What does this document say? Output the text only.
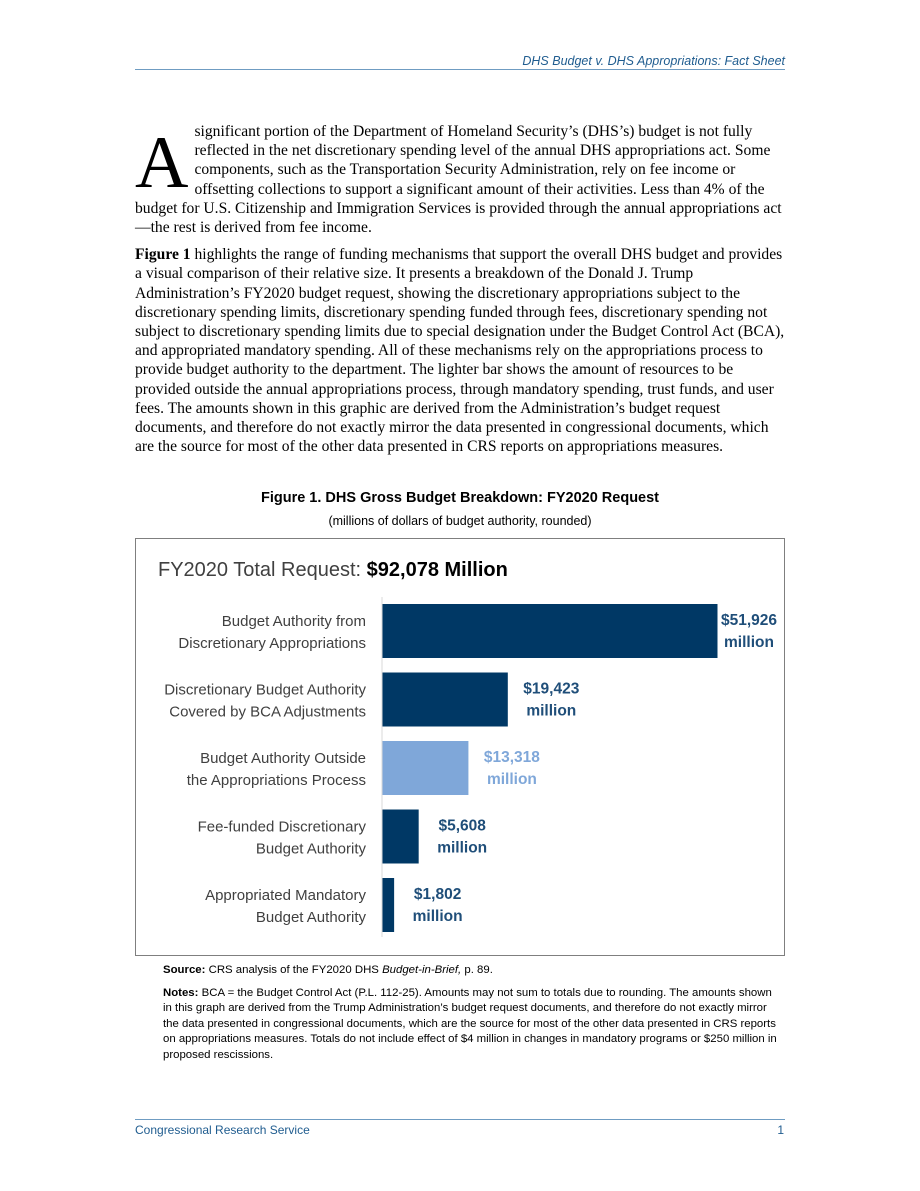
DHS Budget v. DHS Appropriations: Fact Sheet

Asignificant portion of the Department of Homeland Security’s (DHS’s) budget is not fully reflected in the net discretionary spending level of the annual DHS appropriations act. Some components, such as the Transportation Security Administration, rely on fee income or offsetting collections to support a significant amount of their activities. Less than 4% of the budget for U.S. Citizenship and Immigration Services is provided through the annual appropriations act—the rest is derived from fee income.

Figure 1 highlights the range of funding mechanisms that support the overall DHS budget and provides a visual comparison of their relative size. It presents a breakdown of the Donald J. Trump Administration’s FY2020 budget request, showing the discretionary appropriations subject to the discretionary spending limits, discretionary spending funded through fees, discretionary spending not subject to discretionary spending limits due to special designation under the Budget Control Act (BCA), and appropriated mandatory spending. All of these mechanisms rely on the appropriations process to provide budget authority to the department. The lighter bar shows the amount of resources to be provided outside the annual appropriations process, through mandatory spending, trust funds, and user fees. The amounts shown in this graphic are derived from the Administration’s budget request documents, and therefore do not exactly mirror the data presented in congressional documents, which are the source for most of the other data presented in CRS reports on appropriations measures.

Figure 1. DHS Gross Budget Breakdown: FY2020 Request
(millions of dollars of budget authority, rounded)
FY2020 Total Request: $92,078 Million
Budget Authority from
Discretionary Appropriations
$51,926
million
Discretionary Budget Authority
Covered by BCA Adjustments
$19,423
million
Budget Authority Outside
the Appropriations Process
$13,318
million
Fee-funded Discretionary
Budget Authority
$5,608
million
Appropriated Mandatory
Budget Authority
$1,802
million
Source: CRS analysis of the FY2020 DHS Budget-in-Brief, p. 89.
Notes: BCA = the Budget Control Act (P.L. 112-25). Amounts may not sum to totals due to rounding. The amounts shown in this graph are derived from the Trump Administration’s budget request documents, and therefore do not exactly mirror the data presented in congressional documents, which are the source for most of the other data presented in CRS reports on appropriations measures. Totals do not include effect of $4 million in changes in mandatory programs or $250 million in proposed rescissions.
Congressional Research Service	1
